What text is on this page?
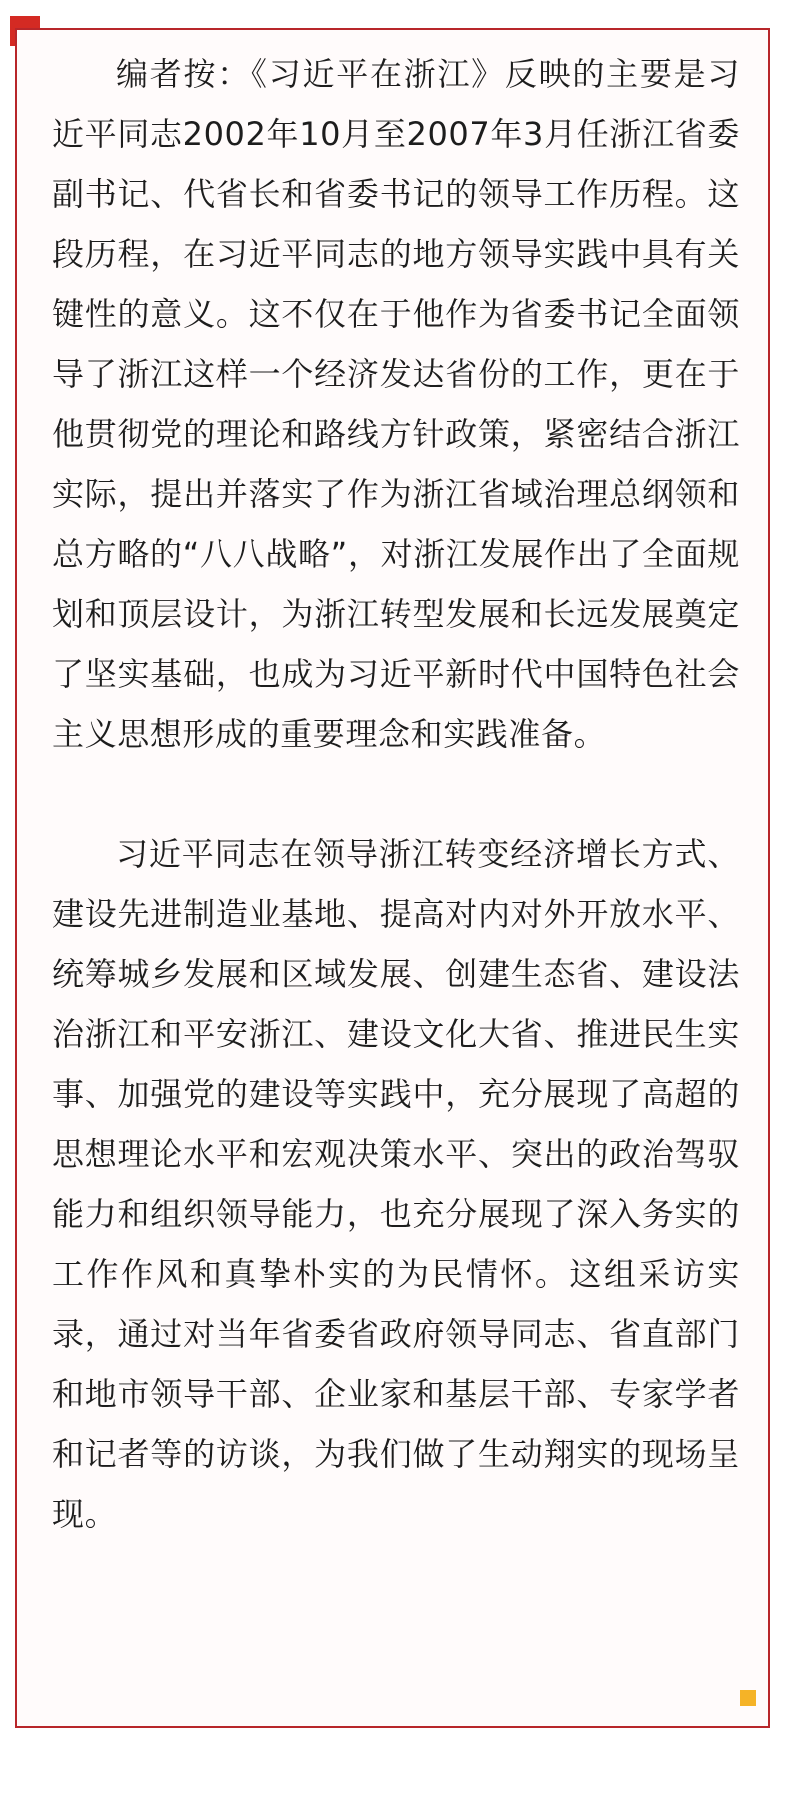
编者按：《习近平在浙江》反映的主要是习近平同志2002年10月至2007年3月任浙江省委副书记、代省长和省委书记的领导工作历程。这段历程，在习近平同志的地方领导实践中具有关键性的意义。这不仅在于他作为省委书记全面领导了浙江这样一个经济发达省份的工作，更在于他贯彻党的理论和路线方针政策，紧密结合浙江实际，提出并落实了作为浙江省域治理总纲领和总方略的“八八战略”，对浙江发展作出了全面规划和顶层设计，为浙江转型发展和长远发展奠定了坚实基础，也成为习近平新时代中国特色社会主义思想形成的重要理念和实践准备。

习近平同志在领导浙江转变经济增长方式、建设先进制造业基地、提高对内对外开放水平、统筹城乡发展和区域发展、创建生态省、建设法治浙江和平安浙江、建设文化大省、推进民生实事、加强党的建设等实践中，充分展现了高超的思想理论水平和宏观决策水平、突出的政治驾驭能力和组织领导能力，也充分展现了深入务实的工作作风和真挚朴实的为民情怀。这组采访实录，通过对当年省委省政府领导同志、省直部门和地市领导干部、企业家和基层干部、专家学者和记者等的访谈，为我们做了生动翔实的现场呈现。
